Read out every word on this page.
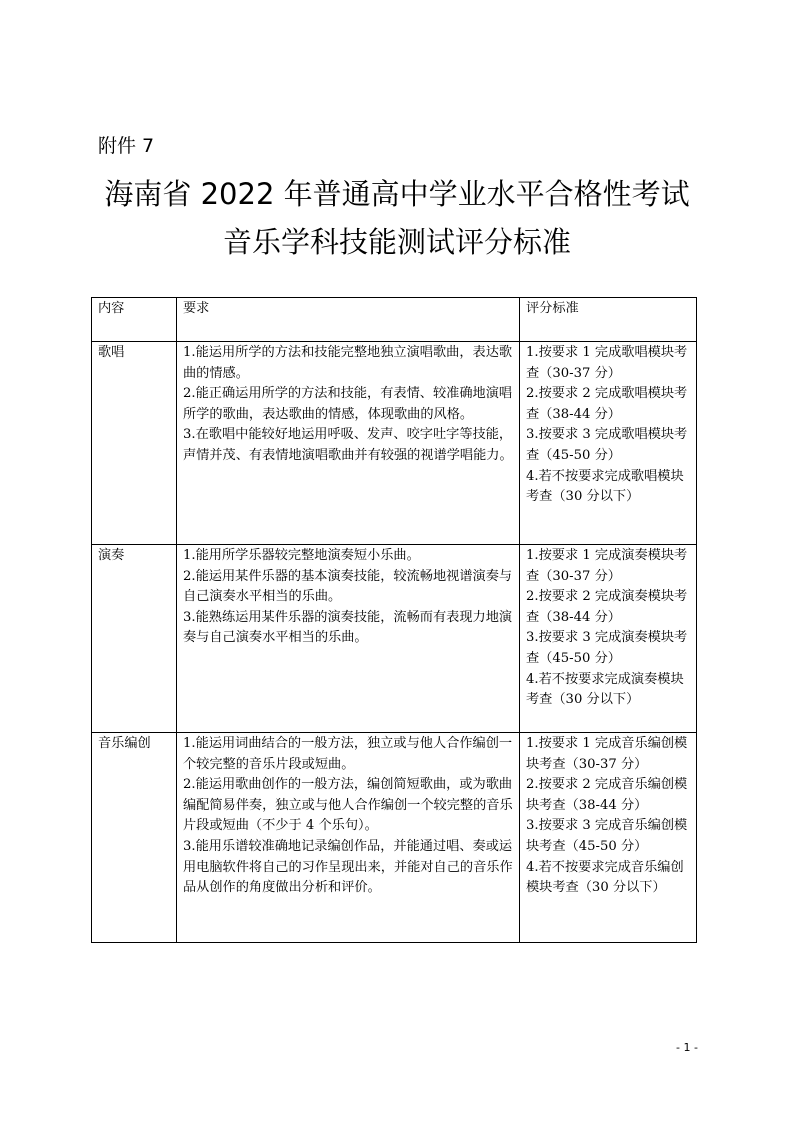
附件 7
海南省 2022 年普通高中学业水平合格性考试
音乐学科技能测试评分标准
内容	要求	评分标准
歌唱	1.能运用所学的方法和技能完整地独立演唱歌曲，表达歌曲的情感。
2.能正确运用所学的方法和技能，有表情、较准确地演唱所学的歌曲，表达歌曲的情感，体现歌曲的风格。
3.在歌唱中能较好地运用呼吸、发声、咬字吐字等技能，声情并茂、有表情地演唱歌曲并有较强的视谱学唱能力。	1.按要求 1 完成歌唱模块考查（30-37 分）
2.按要求 2 完成歌唱模块考查（38-44 分）
3.按要求 3 完成歌唱模块考查（45-50 分）
4.若不按要求完成歌唱模块考查（30 分以下）

演奏	1.能用所学乐器较完整地演奏短小乐曲。
2.能运用某件乐器的基本演奏技能，较流畅地视谱演奏与自己演奏水平相当的乐曲。
3.能熟练运用某件乐器的演奏技能，流畅而有表现力地演奏与自己演奏水平相当的乐曲。	1.按要求 1 完成演奏模块考查（30-37 分）
2.按要求 2 完成演奏模块考查（38-44 分）
3.按要求 3 完成演奏模块考查（45-50 分）
4.若不按要求完成演奏模块考查（30 分以下）

音乐编创	1.能运用词曲结合的一般方法，独立或与他人合作编创一个较完整的音乐片段或短曲。
2.能运用歌曲创作的一般方法，编创简短歌曲，或为歌曲编配简易伴奏，独立或与他人合作编创一个较完整的音乐片段或短曲（不少于 4 个乐句）。
3.能用乐谱较准确地记录编创作品，并能通过唱、奏或运用电脑软件将自己的习作呈现出来，并能对自己的音乐作品从创作的角度做出分析和评价。	1.按要求 1 完成音乐编创模块考查（30-37 分）
2.按要求 2 完成音乐编创模块考查（38-44 分）
3.按要求 3 完成音乐编创模块考查（45-50 分）
4.若不按要求完成音乐编创模块考查（30 分以下）
- 1 -
